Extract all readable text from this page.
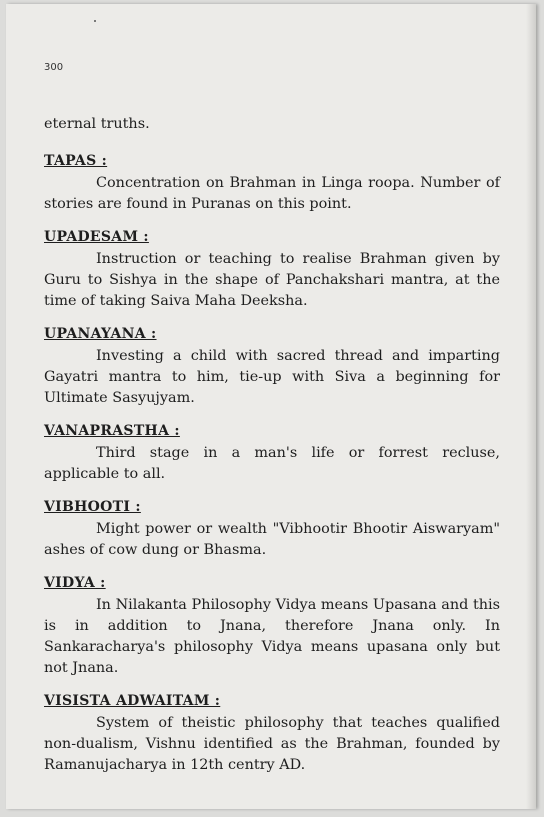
300

eternal truths.

TAPAS :

Concentration on Brahman in Linga roopa. Number of stories are found in Puranas on this point.

UPADESAM :

Instruction or teaching to realise Brahman given by Guru to Sishya in the shape of Panchakshari mantra, at the time of taking Saiva Maha Deeksha.

UPANAYANA :

Investing a child with sacred thread and imparting Gayatri mantra to him, tie-up with Siva a beginning for Ultimate Sasyujyam.

VANAPRASTHA :

Third stage in a man's life or forrest recluse, applicable to all.

VIBHOOTI :

Might power or wealth "Vibhootir Bhootir Aiswaryam" ashes of cow dung or Bhasma.

VIDYA :

In Nilakanta Philosophy Vidya means Upasana and this is in addition to Jnana, therefore Jnana only. In Sankaracharya's philosophy Vidya means upasana only but not Jnana.

VISISTA ADWAITAM :

System of theistic philosophy that teaches qualified non-dualism, Vishnu identified as the Brahman, founded by Ramanujacharya in 12th centry AD.
